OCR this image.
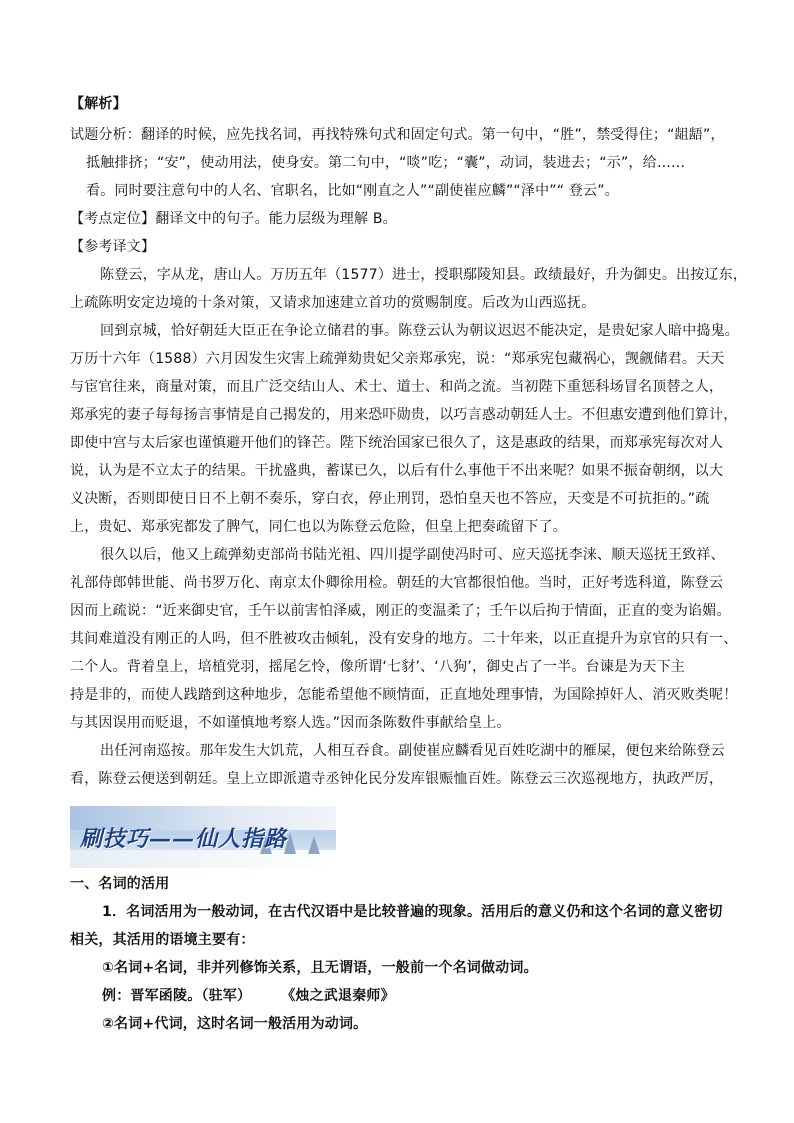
【解析】
试题分析：翻译的时候，应先找名词，再找特殊句式和固定句式。第一句中，“胜”，禁受得住；“龃龉”，
抵触排挤；“安”，使动用法，使身安。第二句中，“啖”吃；“囊”，动词，装进去；“示”，给……
看。同时要注意句中的人名、官职名，比如“刚直之人”“副使崔应麟”“泽中”“ 登云”。
【考点定位】翻译文中的句子。能力层级为理解 B。
【参考译文】
陈登云，字从龙，唐山人。万历五年（1577）进士，授职鄢陵知县。政绩最好，升为御史。出按辽东，
上疏陈明安定边境的十条对策，又请求加速建立首功的赏赐制度。后改为山西巡抚。
回到京城，恰好朝廷大臣正在争论立储君的事。陈登云认为朝议迟迟不能决定，是贵妃家人暗中捣鬼。
万历十六年（1588）六月因发生灾害上疏弹劾贵妃父亲郑承宪，说：“郑承宪包藏祸心，觊觎储君。天天
与宦官往来，商量对策，而且广泛交结山人、术士、道士、和尚之流。当初陛下重惩科场冒名顶替之人，
郑承宪的妻子每每扬言事情是自己揭发的，用来恐吓勋贵，以巧言惑动朝廷人士。不但惠安遭到他们算计，
即使中宫与太后家也谨慎避开他们的锋芒。陛下统治国家已很久了，这是惠政的结果，而郑承宪每次对人
说，认为是不立太子的结果。干扰盛典，蓄谋已久，以后有什么事他干不出来呢？如果不振奋朝纲，以大
义决断，否则即使日日不上朝不奏乐，穿白衣，停止刑罚，恐怕皇天也不答应，天变是不可抗拒的。”疏
上，贵妃、郑承宪都发了脾气，同仁也以为陈登云危险，但皇上把奏疏留下了。
很久以后，他又上疏弹劾吏部尚书陆光祖、四川提学副使冯时可、应天巡抚李涞、顺天巡抚王致祥、
礼部侍郎韩世能、尚书罗万化、南京太仆卿徐用检。朝廷的大官都很怕他。当时，正好考选科道，陈登云
因而上疏说：“近来御史官，壬午以前害怕泽威，刚正的变温柔了；壬午以后拘于情面，正直的变为谄媚。
其间难道没有刚正的人吗，但不胜被攻击倾轧，没有安身的地方。二十年来，以正直提升为京官的只有一、
二个人。背着皇上，培植党羽，摇尾乞怜，像所谓‘七豺’、‘八狗’，御史占了一半。台谏是为天下主
持是非的，而使人践踏到这种地步，怎能希望他不顾情面，正直地处理事情，为国除掉奸人、消灭败类呢！
与其因误用而贬退，不如谨慎地考察人选。”因而条陈数件事献给皇上。
出任河南巡按。那年发生大饥荒，人相互吞食。副使崔应麟看见百姓吃湖中的雁屎，便包来给陈登云
看，陈登云便送到朝廷。皇上立即派遣寺丞钟化民分发库银赈恤百姓。陈登云三次巡视地方，执政严厉，
刷技巧——仙人指路
一、名词的活用
1．名词活用为一般动词，在古代汉语中是比较普遍的现象。活用后的意义仍和这个名词的意义密切
相关，其活用的语境主要有：
①名词+名词，非并列修饰关系，且无谓语，一般前一个名词做动词。
例：晋军函陵。（驻军） 《烛之武退秦师》
②名词+代词，这时名词一般活用为动词。
